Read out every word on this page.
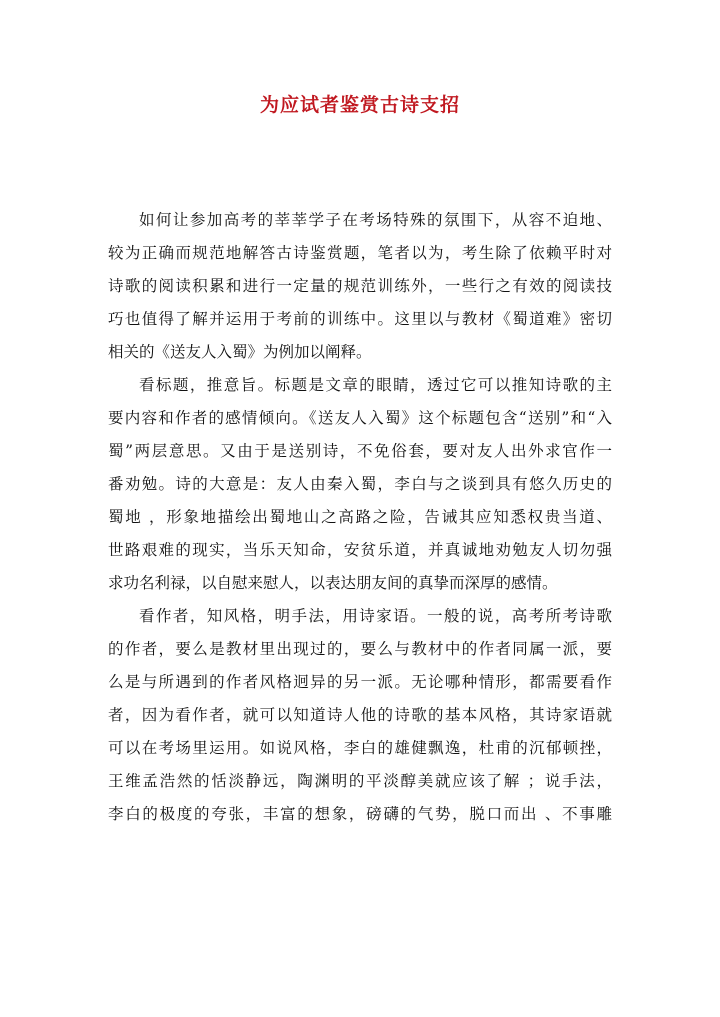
为应试者鉴赏古诗支招
如何让参加高考的莘莘学子在考场特殊的氛围下，从容不迫地、
较为正确而规范地解答古诗鉴赏题，笔者以为，考生除了依赖平时对
诗歌的阅读积累和进行一定量的规范训练外，一些行之有效的阅读技
巧也值得了解并运用于考前的训练中。这里以与教材《蜀道难》密切
相关的《送友人入蜀》为例加以阐释。
看标题，推意旨。标题是文章的眼睛，透过它可以推知诗歌的主
要内容和作者的感情倾向。《送友人入蜀》这个标题包含“送别”和“入
蜀”两层意思。又由于是送别诗，不免俗套，要对友人出外求官作一
番劝勉。诗的大意是：友人由秦入蜀，李白与之谈到具有悠久历史的
蜀地 ，形象地描绘出蜀地山之高路之险，告诫其应知悉权贵当道、
世路艰难的现实，当乐天知命，安贫乐道，并真诚地劝勉友人切勿强
求功名利禄，以自慰来慰人，以表达朋友间的真挚而深厚的感情。
看作者，知风格，明手法，用诗家语。一般的说，高考所考诗歌
的作者，要么是教材里出现过的，要么与教材中的作者同属一派，要
么是与所遇到的作者风格迥异的另一派。无论哪种情形，都需要看作
者，因为看作者，就可以知道诗人他的诗歌的基本风格，其诗家语就
可以在考场里运用。如说风格，李白的雄健飘逸，杜甫的沉郁顿挫，
王维孟浩然的恬淡静远，陶渊明的平淡醇美就应该了解 ；说手法，
李白的极度的夸张，丰富的想象，磅礴的气势，脱口而出 、不事雕
